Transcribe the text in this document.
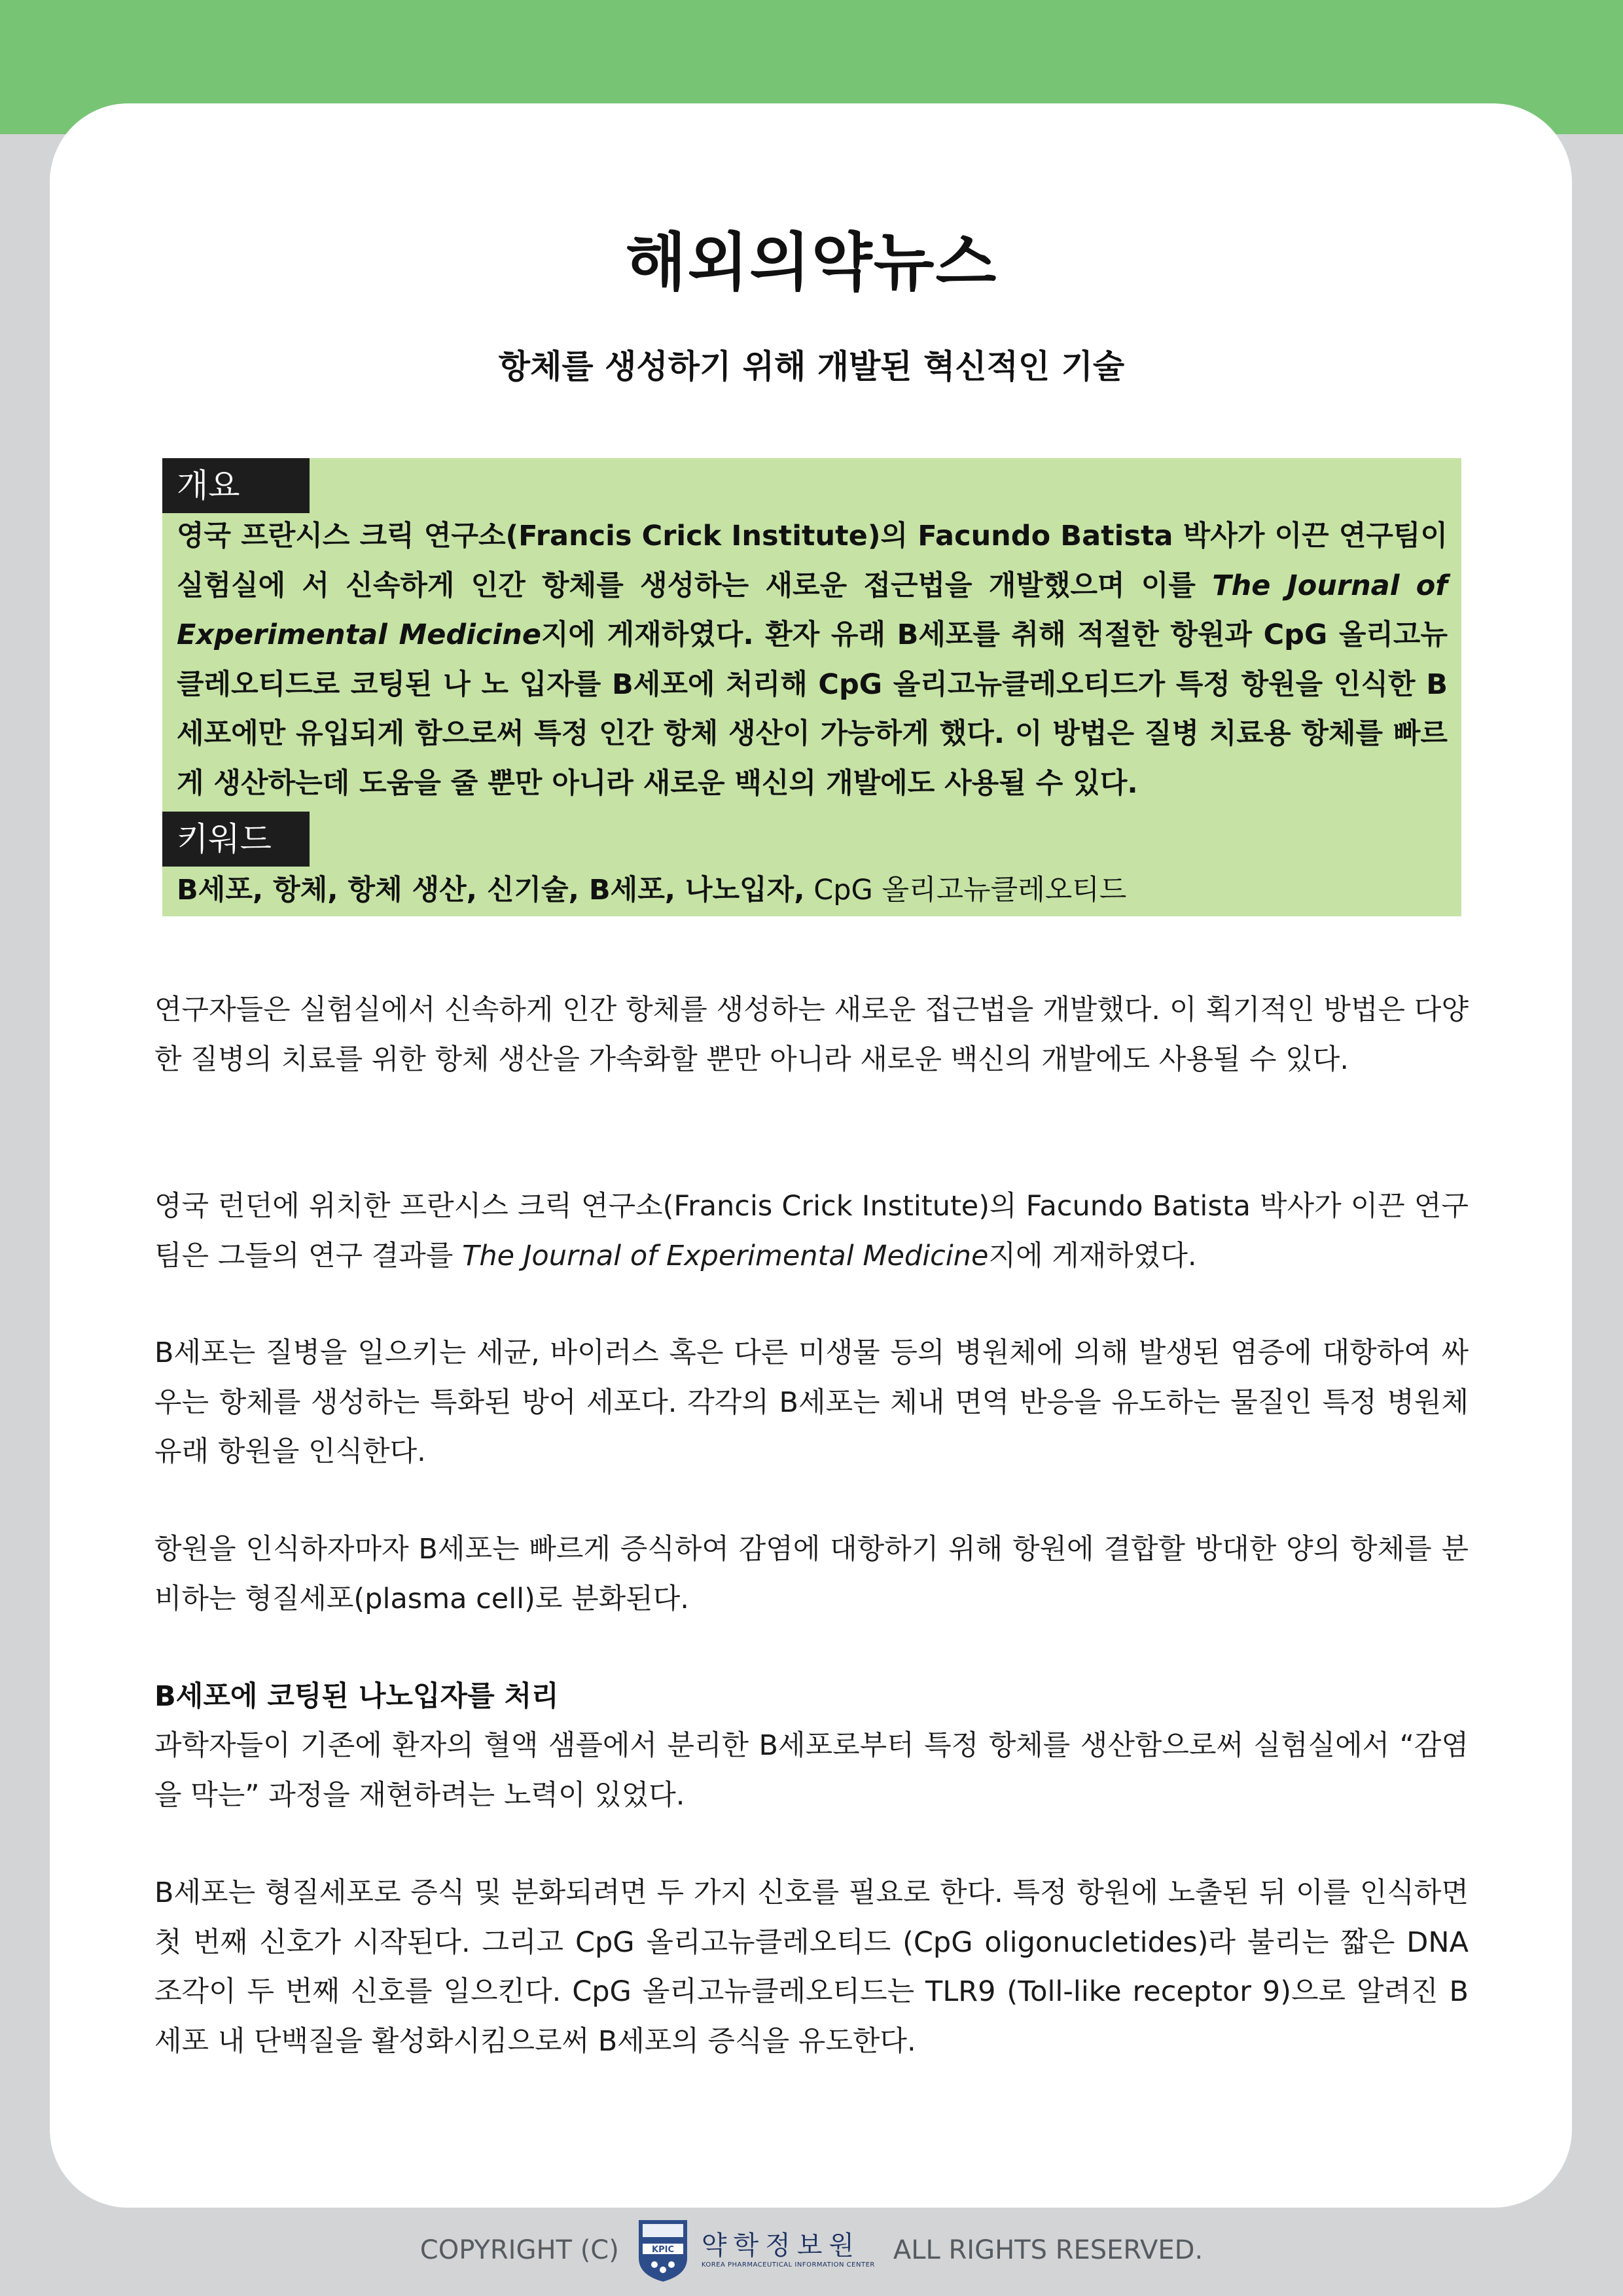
해외의약뉴스
항체를 생성하기 위해 개발된 혁신적인 기술
개요
영국 프란시스 크릭 연구소(Francis Crick Institute)의 Facundo Batista 박사가 이끈 연구팀이 실험실에 서 신속하게 인간 항체를 생성하는 새로운 접근법을 개발했으며 이를 The Journal of Experimental Medicine지에 게재하였다. 환자 유래 B세포를 취해 적절한 항원과 CpG 올리고뉴클레오티드로 코팅된 나 노 입자를 B세포에 처리해 CpG 올리고뉴클레오티드가 특정 항원을 인식한 B세포에만 유입되게 함으로써 특정 인간 항체 생산이 가능하게 했다. 이 방법은 질병 치료용 항체를 빠르게 생산하는데 도움을 줄 뿐만 아니라 새로운 백신의 개발에도 사용될 수 있다.
키워드
B세포, 항체, 항체 생산, 신기술, B세포, 나노입자, CpG 올리고뉴클레오티드
연구자들은 실험실에서 신속하게 인간 항체를 생성하는 새로운 접근법을 개발했다. 이 획기적인 방법은 다양한 질병의 치료를 위한 항체 생산을 가속화할 뿐만 아니라 새로운 백신의 개발에도 사용될 수 있다.
영국 런던에 위치한 프란시스 크릭 연구소(Francis Crick Institute)의 Facundo Batista 박사가 이끈 연구팀은 그들의 연구 결과를 The Journal of Experimental Medicine지에 게재하였다.
B세포는 질병을 일으키는 세균, 바이러스 혹은 다른 미생물 등의 병원체에 의해 발생된 염증에 대항하여 싸우는 항체를 생성하는 특화된 방어 세포다. 각각의 B세포는 체내 면역 반응을 유도하는 물질인 특정 병원체 유래 항원을 인식한다.
항원을 인식하자마자 B세포는 빠르게 증식하여 감염에 대항하기 위해 항원에 결합할 방대한 양의 항체를 분비하는 형질세포(plasma cell)로 분화된다.
B세포에 코팅된 나노입자를 처리
과학자들이 기존에 환자의 혈액 샘플에서 분리한 B세포로부터 특정 항체를 생산함으로써 실험실에서 “감염을 막는” 과정을 재현하려는 노력이 있었다.
B세포는 형질세포로 증식 및 분화되려면 두 가지 신호를 필요로 한다. 특정 항원에 노출된 뒤 이를 인식하면 첫 번째 신호가 시작된다. 그리고 CpG 올리고뉴클레오티드 (CpG oligonucletides)라 불리는 짧은 DNA 조각이 두 번째 신호를 일으킨다. CpG 올리고뉴클레오티드는 TLR9 (Toll-like receptor 9)으로 알려진 B세포 내 단백질을 활성화시킴으로써 B세포의 증식을 유도한다.
COPYRIGHT (C)	KPIC 약학정보원
KOREA PHARMACEUTICAL INFORMATION CENTER ALL RIGHTS RESERVED.
